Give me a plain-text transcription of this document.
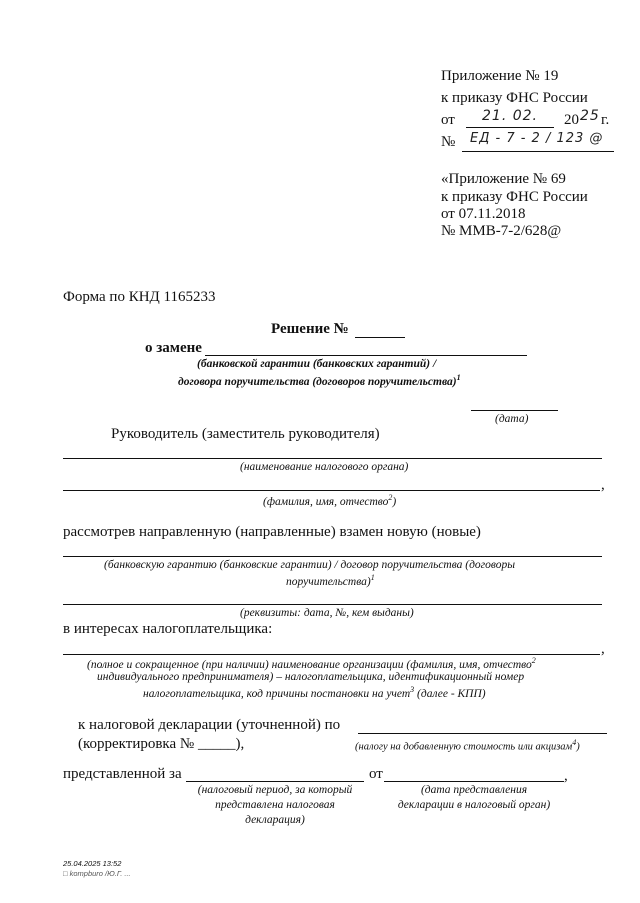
Приложение № 19
к приказу ФНС России
от 21. 02. 20 25 г.
№ ЕД - 7 - 2 / 123 @
«Приложение № 69
к приказу ФНС России
от 07.11.2018
№ ММВ-7-2/628@
Форма по КНД 1165233
Решение №
о замене
(банковской гарантии (банковских гарантий) /
договора поручительства (договоров поручительства)$^1$
(дата)
Руководитель (заместитель руководителя)
(наименование налогового органа)
,
(фамилия, имя, отчество$^2$)
рассмотрев направленную (направленные) взамен новую (новые)
(банковскую гарантию (банковские гарантии) / договор поручительства (договоры
поручительства)$^1$
(реквизиты: дата, №, кем выданы)
в интересах налогоплательщика:
,
(полное и сокращенное (при наличии) наименование организации (фамилия, имя, отчество$^2$
индивидуального предпринимателя) – налогоплательщика, идентификационный номер
налогоплательщика, код причины постановки на учет$^3$ (далее - КПП)
к налоговой декларации (уточненной) по
(корректировка № _____),	(налогу на добавленную стоимость или акцизам$^4$)
представленной за	от	,
(налоговый период, за который
представлена налоговая
декларация)
(дата представления
декларации в налоговый орган)
25.04.2025 13:52
□ kompburo /Ю.Г. ...
